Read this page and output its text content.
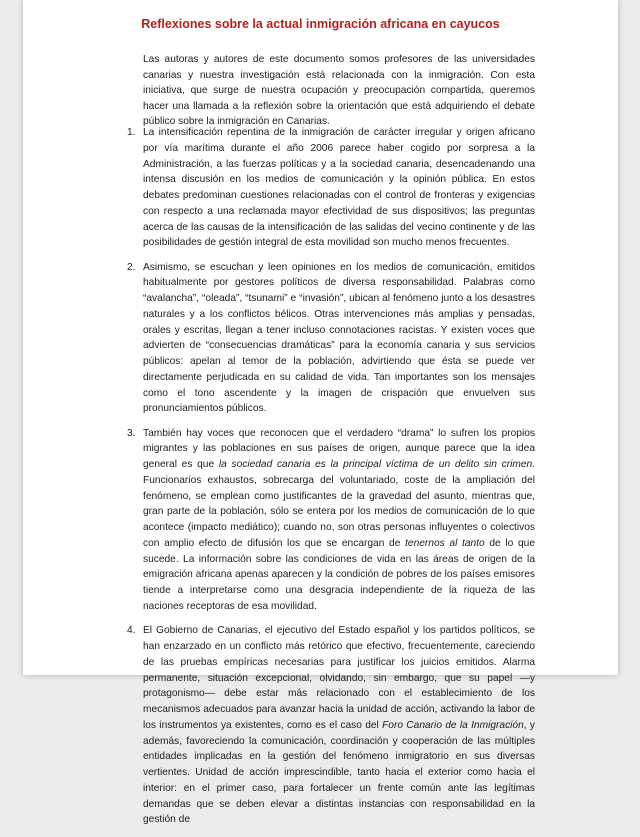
Reflexiones sobre la actual inmigración africana en cayucos

Las autoras y autores de este documento somos profesores de las universidades canarias y nuestra investigación está relacionada con la inmigración. Con esta iniciativa, que surge de nuestra ocupación y preocupación compartida, queremos hacer una llamada a la reflexión sobre la orientación que está adquiriendo el debate público sobre la inmigración en Canarias.

1. La intensificación repentina de la inmigración de carácter irregular y origen africano por vía marítima durante el año 2006 parece haber cogido por sorpresa a la Administración, a las fuerzas políticas y a la sociedad canaria, desencadenando una intensa discusión en los medios de comunicación y la opinión pública. En estos debates predominan cuestiones relacionadas con el control de fronteras y exigencias con respecto a una reclamada mayor efectividad de sus dispositivos; las preguntas acerca de las causas de la intensificación de las salidas del vecino continente y de las posibilidades de gestión integral de esta movilidad son mucho menos frecuentes.
2. Asimismo, se escuchan y leen opiniones en los medios de comunicación, emitidos habitualmente por gestores políticos de diversa responsabilidad. Palabras como “avalancha”, “oleada”, “tsunami” e “invasión”, ubican al fenómeno junto a los desastres naturales y a los conflictos bélicos. Otras intervenciones más amplias y pensadas, orales y escritas, llegan a tener incluso connotaciones racistas. Y existen voces que advierten de “consecuencias dramáticas” para la economía canaria y sus servicios públicos: apelan al temor de la población, advirtiendo que ésta se puede ver directamente perjudicada en su calidad de vida. Tan importantes son los mensajes como el tono ascendente y la imagen de crispación que envuelven sus pronunciamientos públicos.
3. También hay voces que reconocen que el verdadero “drama” lo sufren los propios migrantes y las poblaciones en sus países de origen, aunque parece que la idea general es que la sociedad canaria es la principal víctima de un delito sin crimen. Funcionarios exhaustos, sobrecarga del voluntariado, coste de la ampliación del fenómeno, se emplean como justificantes de la gravedad del asunto, mientras que, gran parte de la población, sólo se entera por los medios de comunicación de lo que acontece (impacto mediático); cuando no, son otras personas influyentes o colectivos con amplio efecto de difusión los que se encargan de tenernos al tanto de lo que sucede. La información sobre las condiciones de vida en las áreas de origen de la emigración africana apenas aparecen y la condición de pobres de los países emisores tiende a interpretarse como una desgracia independiente de la riqueza de las naciones receptoras de esa movilidad.
4. El Gobierno de Canarias, el ejecutivo del Estado español y los partidos políticos, se han enzarzado en un conflicto más retórico que efectivo, frecuentemente, careciendo de las pruebas empíricas necesarias para justificar los juicios emitidos. Alarma permanente, situación excepcional, olvidando, sin embargo, que su papel —y protagonismo— debe estar más relacionado con el establecimiento de los mecanismos adecuados para avanzar hacia la unidad de acción, activando la labor de los instrumentos ya existentes, como es el caso del Foro Canario de la Inmigración, y además, favoreciendo la comunicación, coordinación y cooperación de las múltiples entidades implicadas en la gestión del fenómeno inmigratorio en sus diversas vertientes. Unidad de acción imprescindible, tanto hacia el exterior como hacia el interior: en el primer caso, para fortalecer un frente común ante las legítimas demandas que se deben elevar a distintas instancias con responsabilidad en la gestión de
